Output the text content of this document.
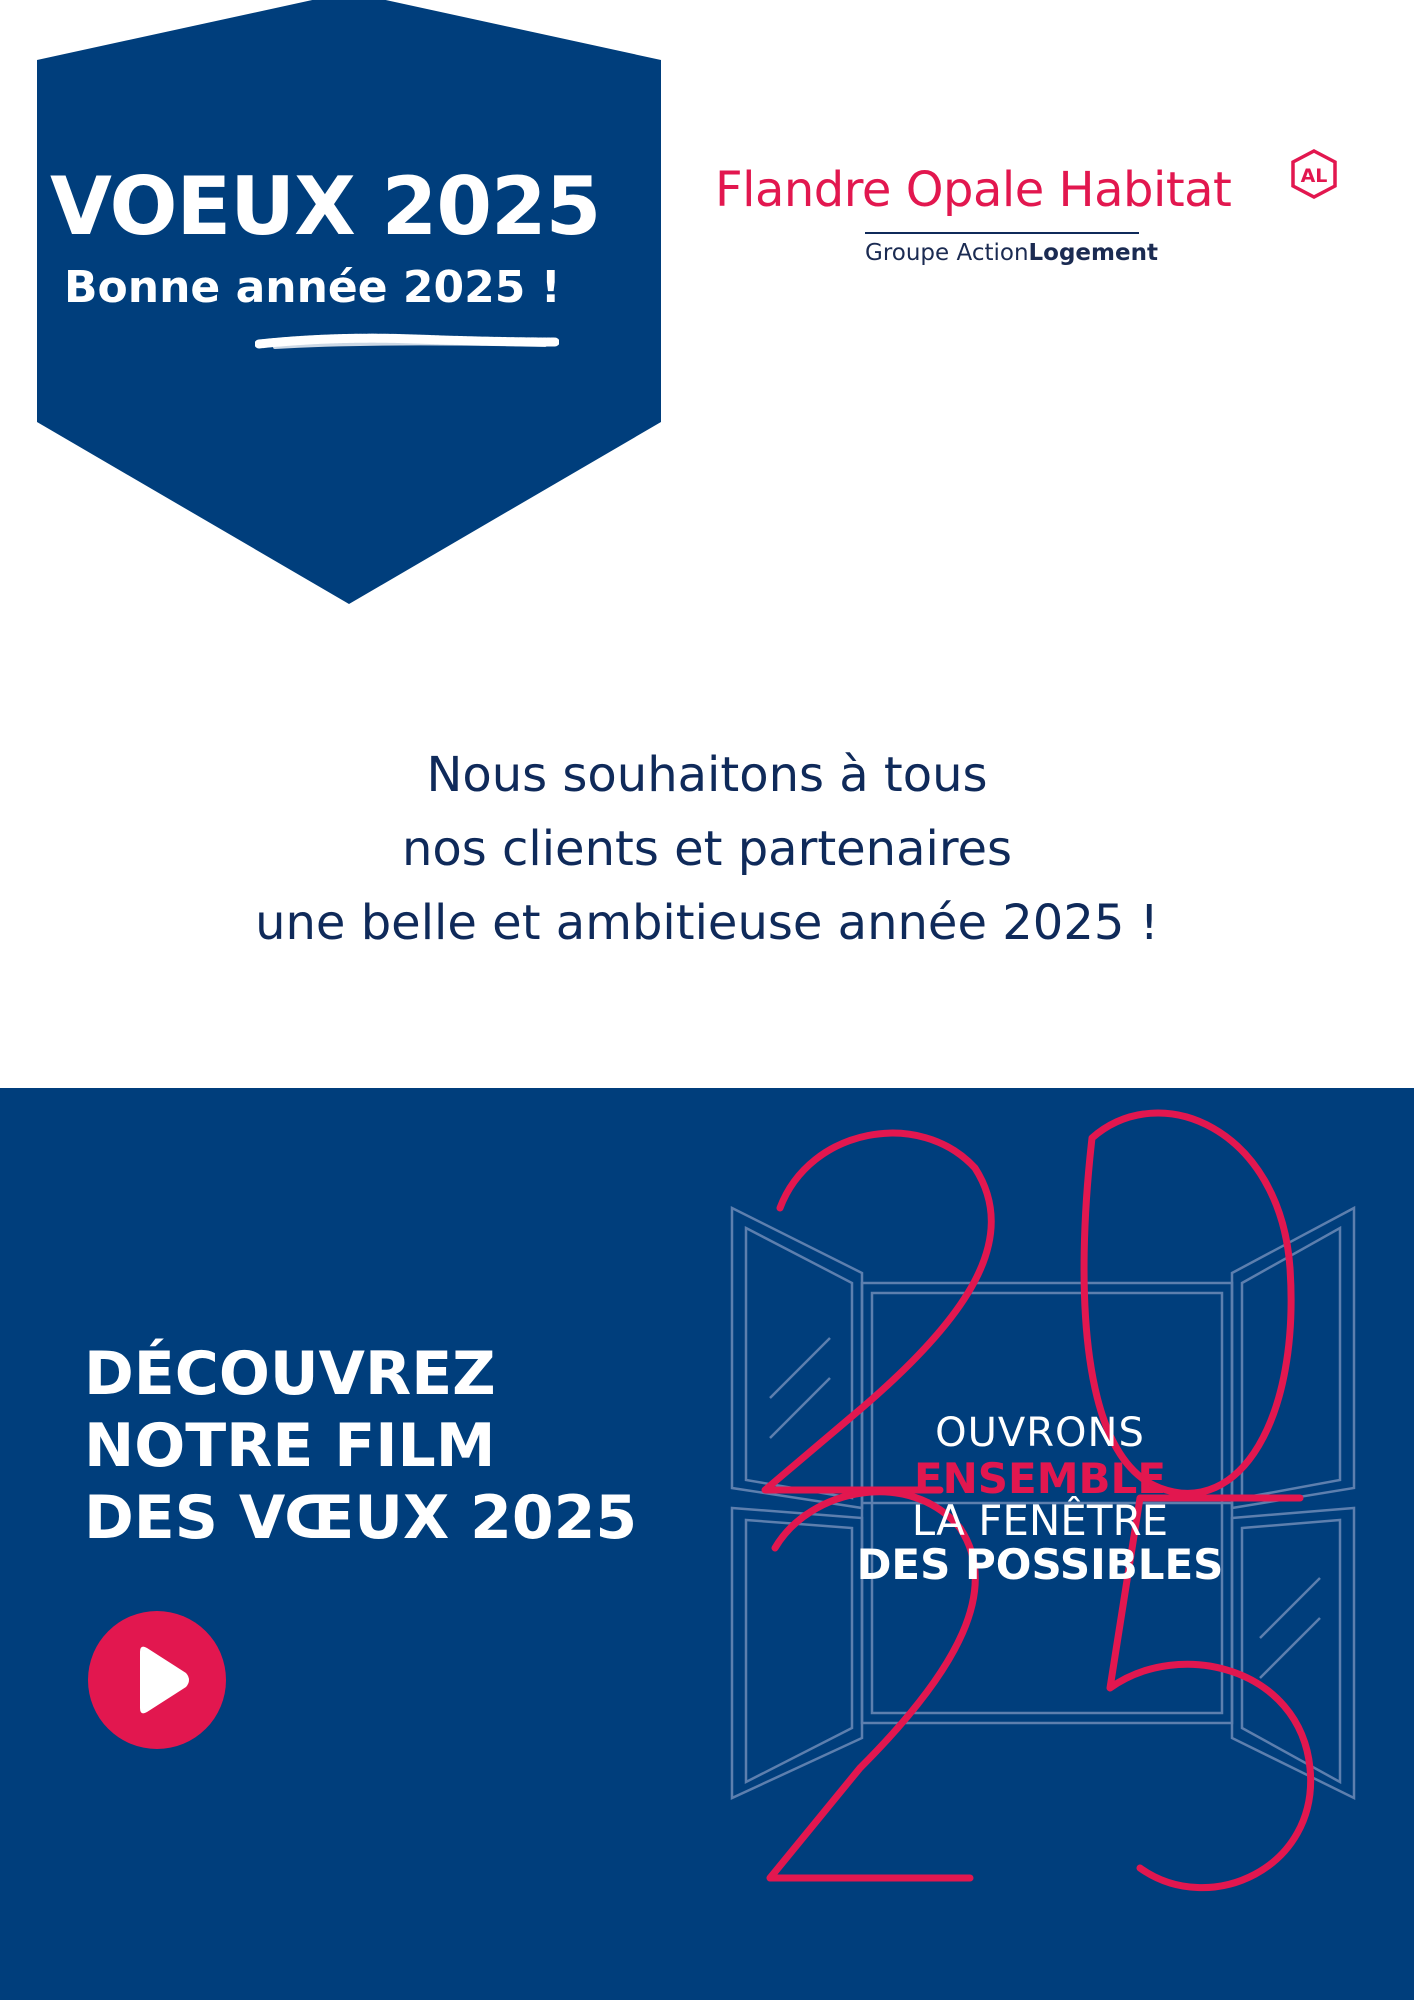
VOEUX 2025
Bonne année 2025 !
Flandre Opale Habitat	AL
Groupe ActionLogement
Nous souhaitons à tous
nos clients et partenaires
une belle et ambitieuse année 2025 !
DÉCOUVREZ
NOTRE FILM
DES VŒUX 2025
OUVRONS
ENSEMBLE
LA FENÊTRE
DES POSSIBLES
